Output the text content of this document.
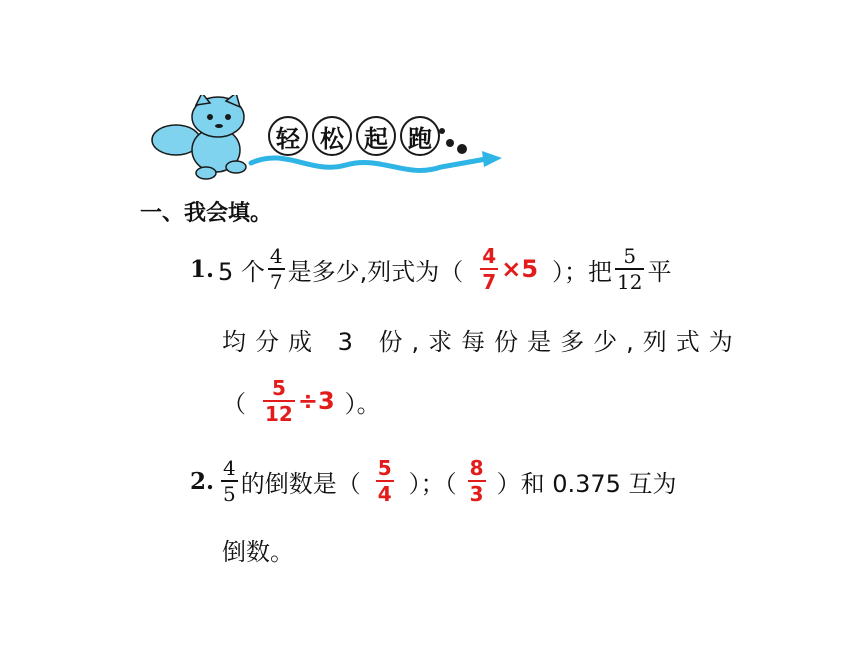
轻 松 起 跑
一、我会填。
1. 5 个 $\frac{4}{7}$ 是多少,列式为（ $\frac{4}{7} \times 5$ ）；把 $\frac{5}{12}$ 平
均分成 3 份,求每份是多少,列式为
（ $\frac{5}{12} \div 3$ ）。
2. $\frac{4}{5}$ 的倒数是（ $\frac{5}{4}$ ）；（ $\frac{8}{3}$ ）和 0.375 互为
倒数。
